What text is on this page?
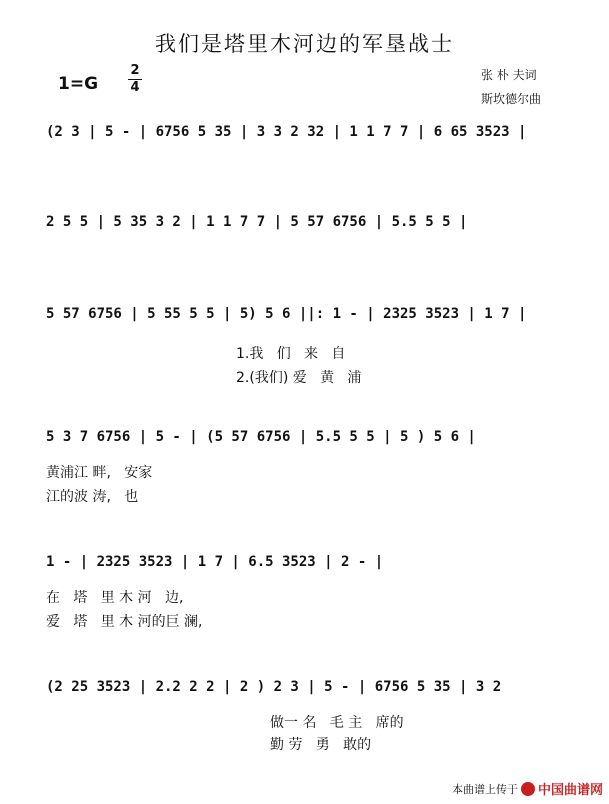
我们是塔里木河边的军垦战士
1=G
2
4
张 朴 夫词
斯坎德尔曲
(2 3 | 5 - | 6756 5 35 | 3 3 2 32 | 1 1 7 7 | 6 65 3523 |
2 5 5 | 5 35 3 2 | 1 1 7 7 | 5 57 6756 | 5.5 5 5 |
5 57 6756 | 5 55 5 5 | 5) 5 6 ||: 1 - | 2325 3523 | 1 7 |
1.我   们   来   自
2.(我们) 爱   黄   浦
5 3 7 6756 | 5 - | (5 57 6756 | 5.5 5 5 | 5 ) 5 6 |
黄浦江 畔,   安家
江的波 涛,   也
1 - | 2325 3523 | 1 7 | 6.5 3523 | 2 - |
在   塔   里 木 河   边,
爱   塔   里 木 河的巨 澜,
(2 25 3523 | 2.2 2 2 | 2 ) 2 3 | 5 - | 6756 5 35 | 3 2
做一 名   毛 主   席的
勤 劳   勇   敢的
本曲谱上传于 中国曲谱网
